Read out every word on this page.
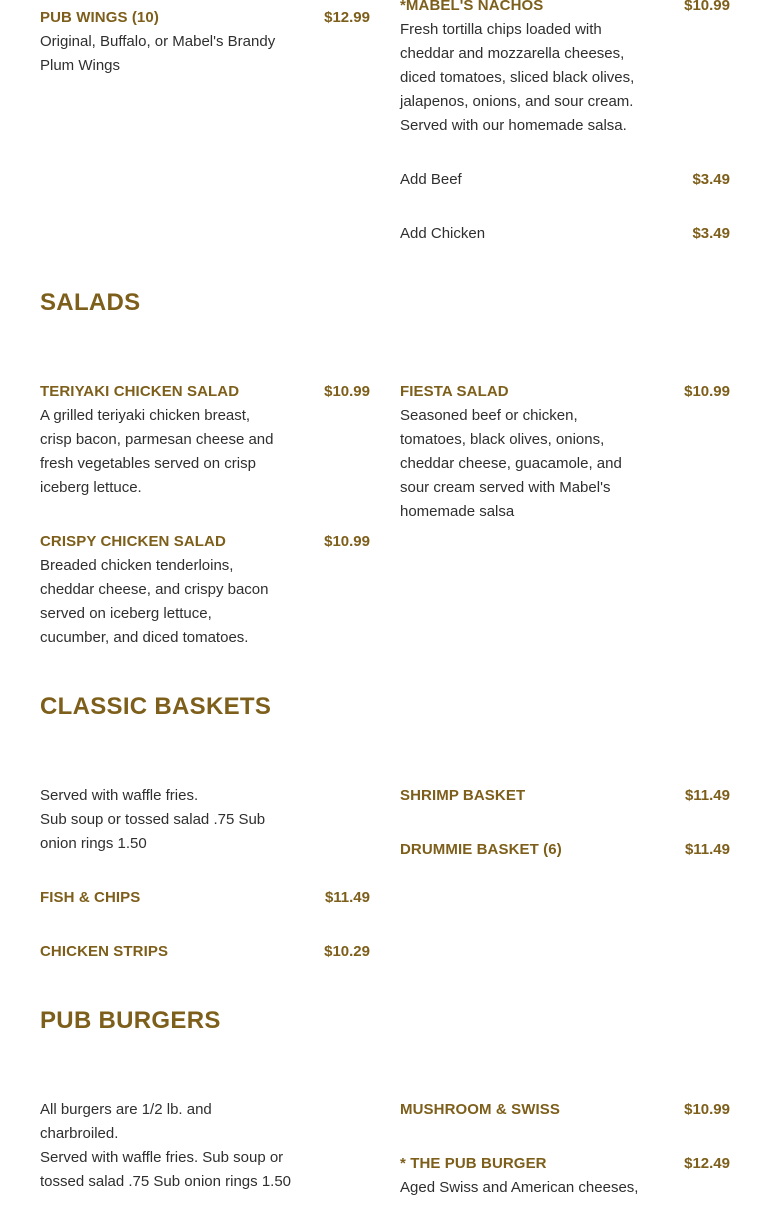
PUB WINGS (10)	$12.99
Original, Buffalo, or Mabel's Brandy
Plum Wings
*MABEL'S NACHOS	$10.99
Fresh tortilla chips loaded with
cheddar and mozzarella cheeses,
diced tomatoes, sliced black olives,
jalapenos, onions, and sour cream.
Served with our homemade salsa.
Add Beef	$3.49
Add Chicken	$3.49
SALADS
TERIYAKI CHICKEN SALAD	$10.99
A grilled teriyaki chicken breast,
crisp bacon, parmesan cheese and
fresh vegetables served on crisp
iceberg lettuce.
FIESTA SALAD	$10.99
Seasoned beef or chicken,
tomatoes, black olives, onions,
cheddar cheese, guacamole, and
sour cream served with Mabel's
homemade salsa
CRISPY CHICKEN SALAD	$10.99
Breaded chicken tenderloins,
cheddar cheese, and crispy bacon
served on iceberg lettuce,
cucumber, and diced tomatoes.
CLASSIC BASKETS
Served with waffle fries.
Sub soup or tossed salad .75 Sub
onion rings 1.50
SHRIMP BASKET	$11.49
DRUMMIE BASKET (6)	$11.49
FISH & CHIPS	$11.49
CHICKEN STRIPS	$10.29
PUB BURGERS
All burgers are 1/2 lb. and
charbroiled.
Served with waffle fries. Sub soup or
tossed salad .75 Sub onion rings 1.50
MUSHROOM & SWISS	$10.99
* THE PUB BURGER	$12.49
Aged Swiss and American cheeses,
